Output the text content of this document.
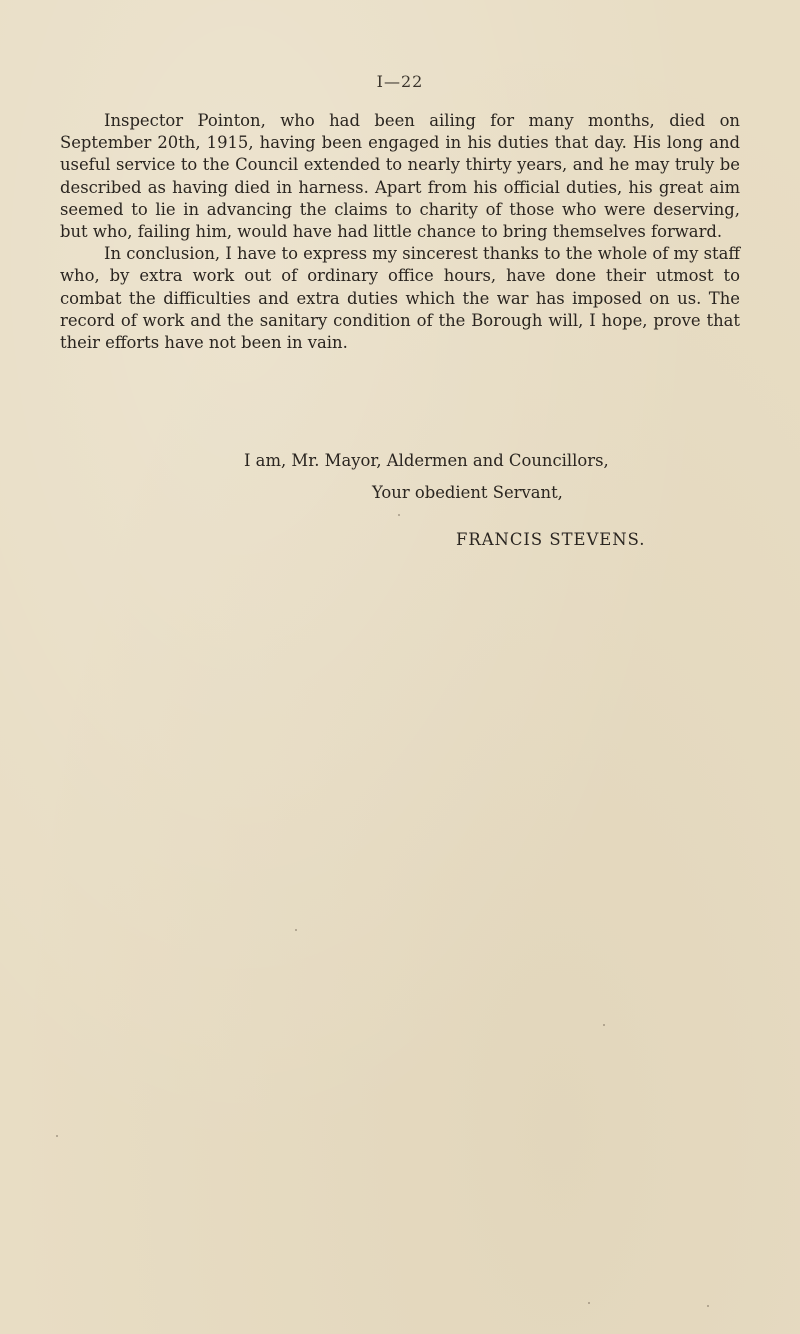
I—22

Inspector Pointon, who had been ailing for many months, died on September 20th, 1915, having been engaged in his duties that day. His long and useful service to the Council extended to nearly thirty years, and he may truly be described as having died in harness. Apart from his official duties, his great aim seemed to lie in advancing the claims to charity of those who were deserving, but who, failing him, would have had little chance to bring themselves forward.

In conclusion, I have to express my sincerest thanks to the whole of my staff who, by extra work out of ordinary office hours, have done their utmost to combat the difficulties and extra duties which the war has imposed on us. The record of work and the sanitary condition of the Borough will, I hope, prove that their efforts have not been in vain.

I am, Mr. Mayor, Aldermen and Councillors,
Your obedient Servant,
FRANCIS STEVENS.
